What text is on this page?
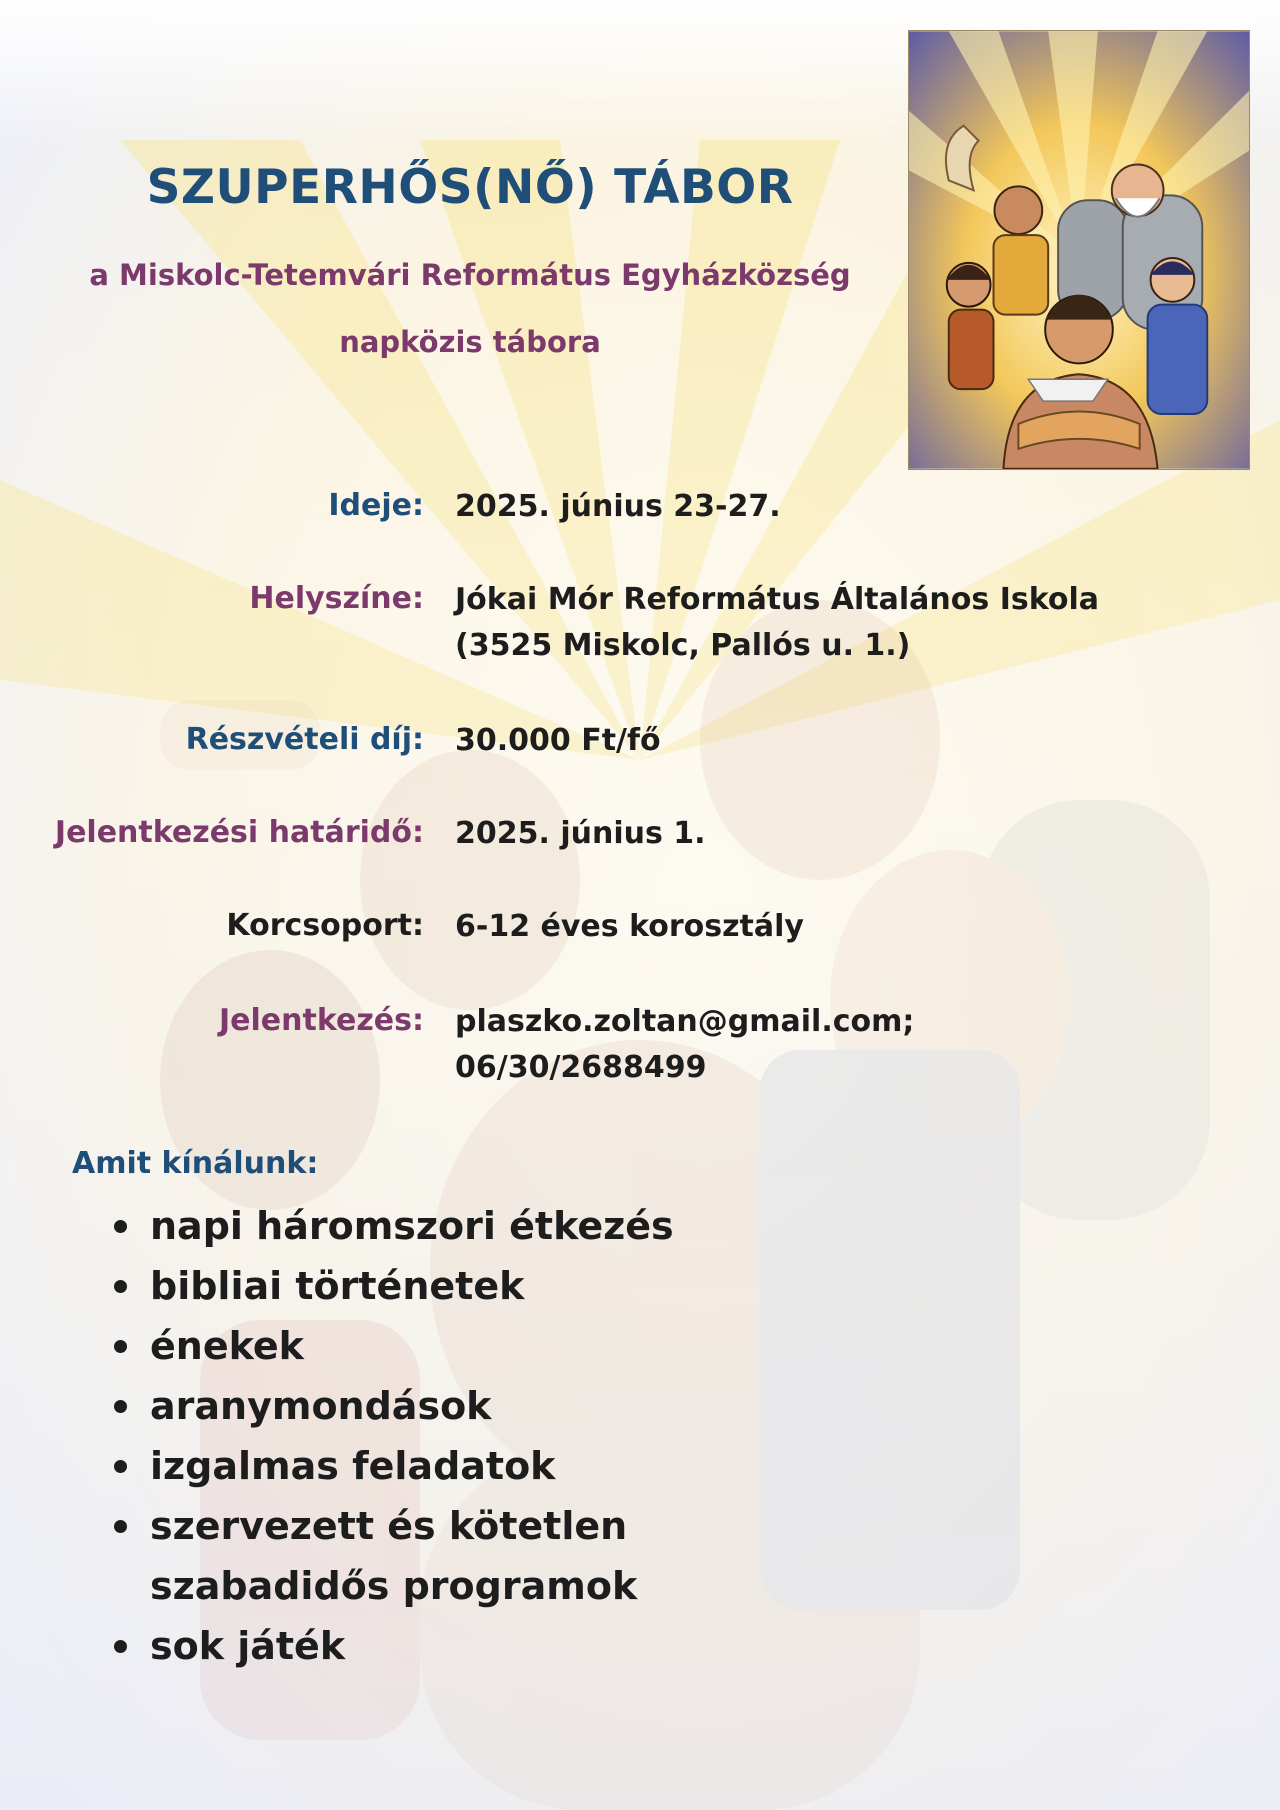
SZUPERHŐS(NŐ) TÁBOR

a Miskolc-Tetemvári Református Egyházközség

napközis tábora

Ideje: 2025. június 23-27.
Helyszíne: Jókai Mór Református Általános Iskola
(3525 Miskolc, Pallós u. 1.)
Részvételi díj: 30.000 Ft/fő
Jelentkezési határidő: 2025. június 1.
Korcsoport: 6-12 éves korosztály
Jelentkezés: plaszko.zoltan@gmail.com;
06/30/2688499
Amit kínálunk:
napi háromszori étkezés
bibliai történetek
énekek
aranymondások
izgalmas feladatok
szervezett és kötetlen szabadidős programok
sok játék
